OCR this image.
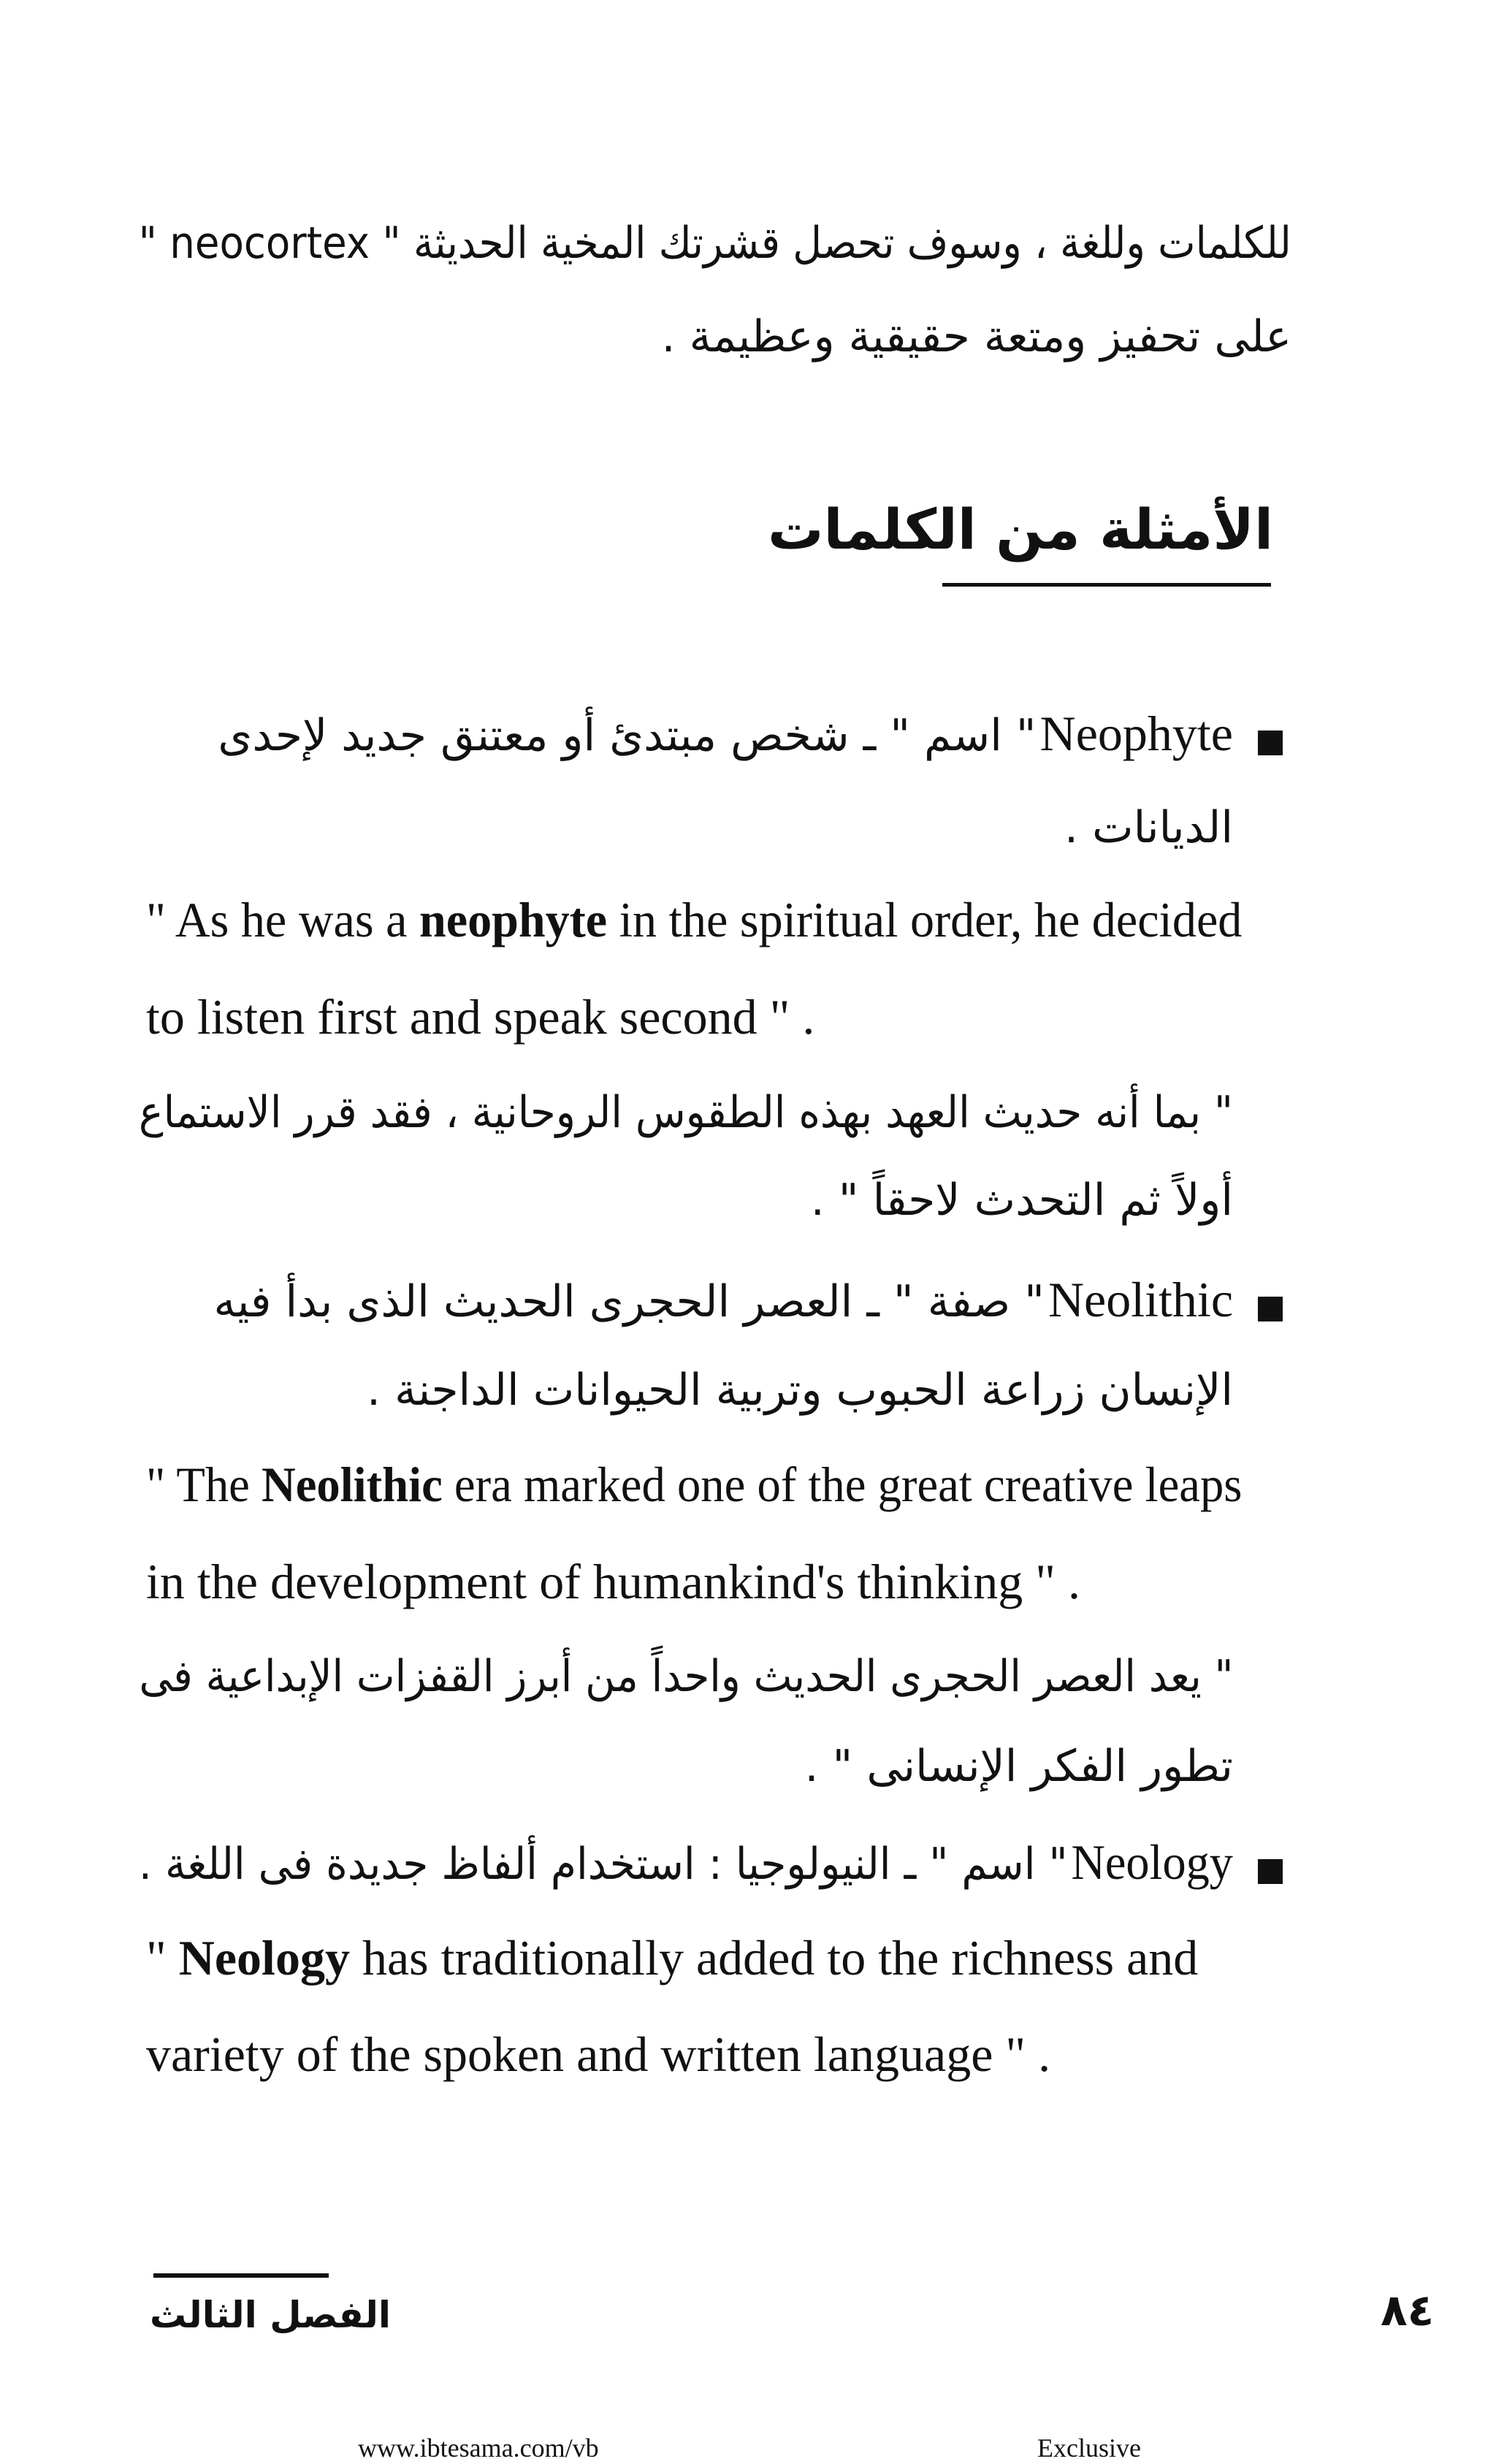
للكلمات وللغة ، وسوف تحصل قشرتك المخية الحديثة " neocortex "
على تحفيز ومتعة حقيقية وعظيمة .
الأمثلة من الكلمات
Neophyte " اسم " ـ شخص مبتدئ أو معتنق جديد لإحدى
الديانات .
" As he was a neophyte in the spiritual order, he decided
to listen first and speak second " .
" بما أنه حديث العهد بهذه الطقوس الروحانية ، فقد قرر الاستماع
أولاً ثم التحدث لاحقاً " .
Neolithic " صفة " ـ العصر الحجرى الحديث الذى بدأ فيه
الإنسان زراعة الحبوب وتربية الحيوانات الداجنة .
" The Neolithic era marked one of the great creative leaps
in the development of humankind's thinking " .
" يعد العصر الحجرى الحديث واحداً من أبرز القفزات الإبداعية فى
تطور الفكر الإنسانى " .
Neology " اسم " ـ النيولوجيا : استخدام ألفاظ جديدة فى اللغة .
" Neology has traditionally added to the richness and
variety of the spoken and written language " .
الفصل الثالث	٨٤
www.ibtesama.com/vb	Exclusive
